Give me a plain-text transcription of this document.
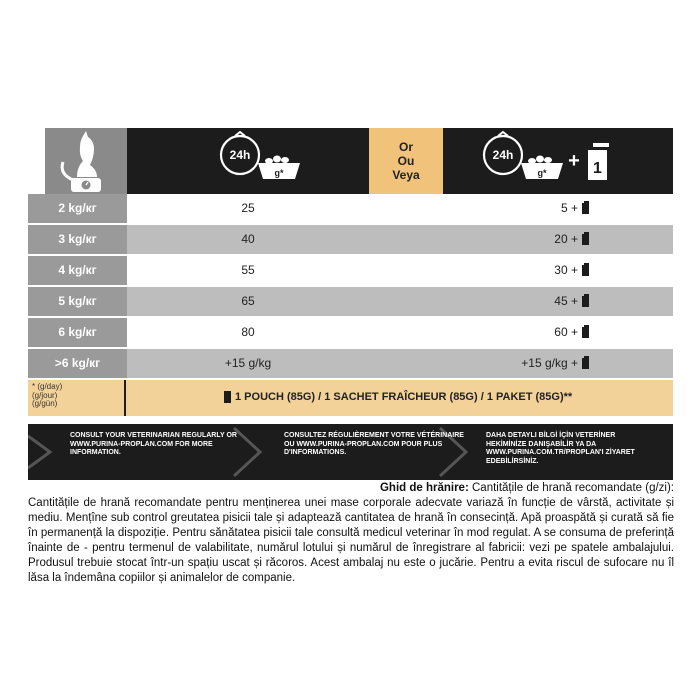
24h
g*
Or
Ou
Veya
24h
g*
+ 1
2 kg/кг	25	5 +
3 kg/кг	40	20 +
4 kg/кг	55	30 +
5 kg/кг	65	45 +
6 kg/кг	80	60 +
>6 kg/кг	+15 g/kg	+15 g/kg +
* (g/day)
(g/jour)
(g/gün)
1 POUCH (85G) / 1 SACHET FRAÎCHEUR (85G) / 1 PAKET (85G)**
CONSULT YOUR VETERINARIAN REGULARLY OR
WWW.PURINA-PROPLAN.COM FOR MORE
INFORMATION.
CONSULTEZ RÉGULIÈREMENT VOTRE VÉTÉRINAIRE
OU WWW.PURINA-PROPLAN.COM POUR PLUS
D'INFORMATIONS.
DAHA DETAYLI BİLGİ İÇİN VETERİNER
HEKİMİNİZE DANIŞABİLİR YA DA
WWW.PURINA.COM.TR/PROPLAN'I ZİYARET
EDEBİLİRSİNİZ.
Ghid de hrănire: Cantitățile de hrană recomandate (g/zi):

Cantitățile de hrană recomandate pentru menținerea unei mase corporale adecvate variază în funcție de vârstă, activitate și mediu. Mențîne sub control greutatea pisicii tale și adaptează cantitatea de hrană în consecință. Apă proaspătă și curată să fie în permanență la dispoziție. Pentru sănătatea pisicii tale consultă medicul veterinar în mod regulat. A se consuma de preferință înainte de - pentru termenul de valabilitate, numărul lotului și numărul de înregistrare al fabricii: vezi pe spatele ambalajului. Produsul trebuie stocat într-un spațiu uscat și răcoros. Acest ambalaj nu este o jucărie. Pentru a evita riscul de sufocare nu îl lăsa la îndemâna copiilor și animalelor de companie.
